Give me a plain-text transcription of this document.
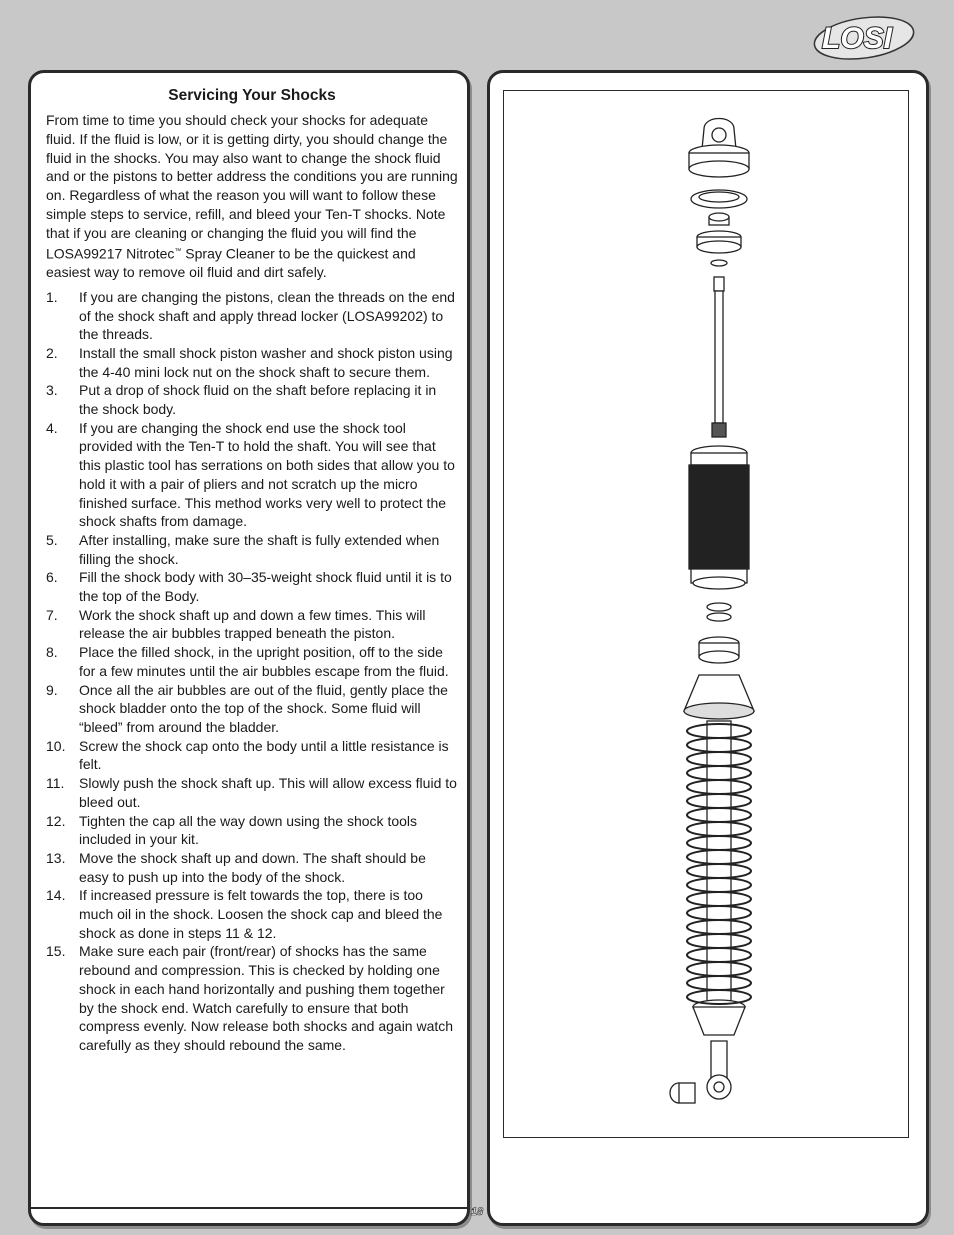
LOSI
Servicing Your Shocks

From time to time you should check your shocks for adequate fluid. If the fluid is low, or it is getting dirty, you should change the fluid in the shocks. You may also want to change the shock fluid and or the pistons to better address the conditions you are running on. Regardless of what the reason you will want to follow these simple steps to service, refill, and bleed your Ten-T shocks. Note that if you are cleaning or changing the fluid you will find the LOSA99217 Nitrotec™ Spray Cleaner to be the quickest and easiest way to remove oil fluid and dirt safely.

1.	If you are changing the pistons, clean the threads on the end of the shock shaft and apply thread locker (LOSA99202) to the threads.
2.	Install the small shock piston washer and shock piston using the 4-40 mini lock nut on the shock shaft to secure them.
3.	Put a drop of shock fluid on the shaft before replacing it in the shock body.
4.	If you are changing the shock end use the shock tool provided with the Ten-T to hold the shaft. You will see that this plastic tool has serrations on both sides that allow you to hold it with a pair of pliers and not scratch up the micro finished surface. This method works very well to protect the shock shafts from damage.
5.	After installing, make sure the shaft is fully extended when filling the shock.
6.	Fill the shock body with 30–35-weight shock fluid until it is to the top of the Body.
7.	Work the shock shaft up and down a few times. This will release the air bubbles trapped beneath the piston.
8.	Place the filled shock, in the upright position, off to the side for a few minutes until the air bubbles escape from the fluid.
9.	Once all the air bubbles are out of the fluid, gently place the shock bladder onto the top of the shock. Some fluid will “bleed” from around the bladder.
10. Screw the shock cap onto the body until a little resistance is felt.
11.	Slowly push the shock shaft up. This will allow excess fluid to bleed out.
12. Tighten the cap all the way down using the shock tools included in your kit.
13. Move the shock shaft up and down. The shaft should be easy to push up into the body of the shock.
14. If increased pressure is felt towards the top, there is too much oil in the shock. Loosen the shock cap and bleed the shock as done in steps 11 & 12.
15. Make sure each pair (front/rear) of shocks has the same rebound and compression. This is checked by holding one shock in each hand horizontally and pushing them together by the shock end. Watch carefully to ensure that both compress evenly. Now release both shocks and again watch carefully as they should rebound the same.
18
